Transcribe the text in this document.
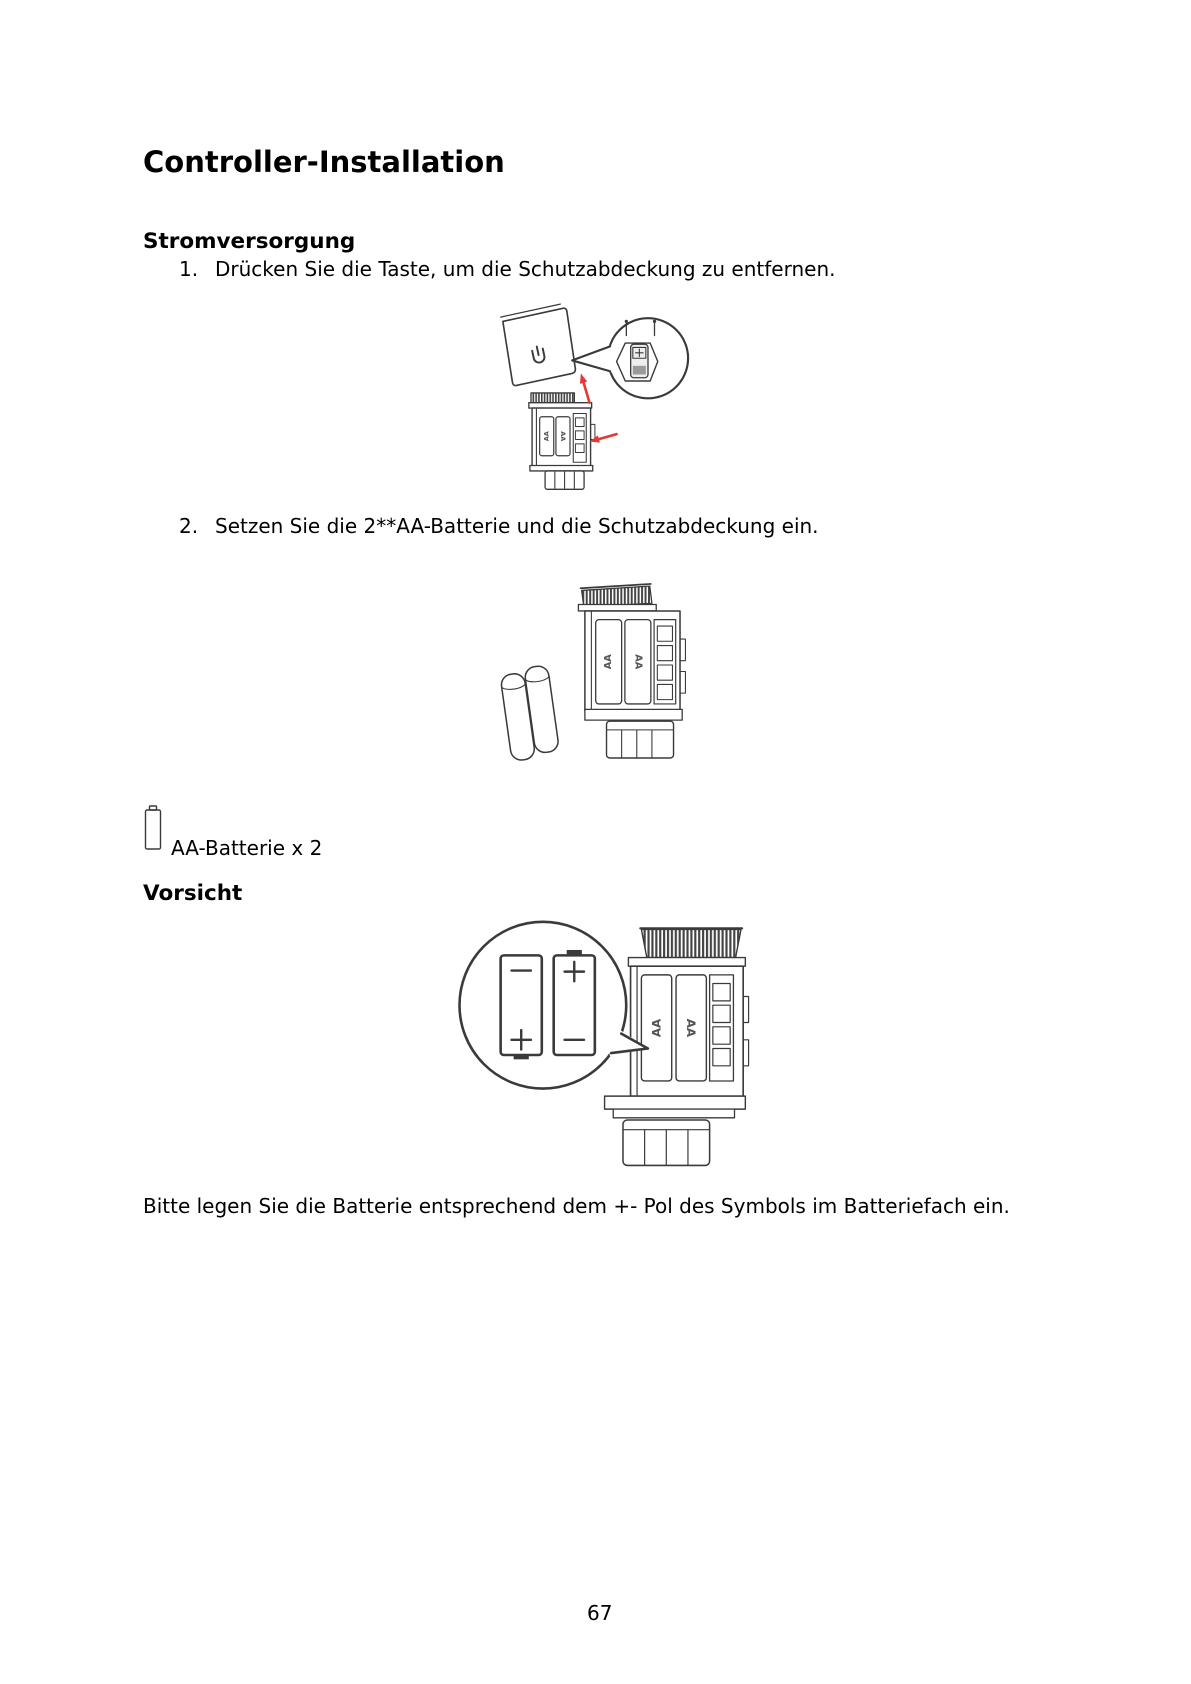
Controller-Installation
Stromversorgung
1. Drücken Sie die Taste, um die Schutzabdeckung zu entfernen.
AA AA
2. Setzen Sie die 2**AA-Batterie und die Schutzabdeckung ein.
AA AA
AA-Batterie x 2
Vorsicht
AA AA

Bitte legen Sie die Batterie entsprechend dem +- Pol des Symbols im Batteriefach ein.

67
